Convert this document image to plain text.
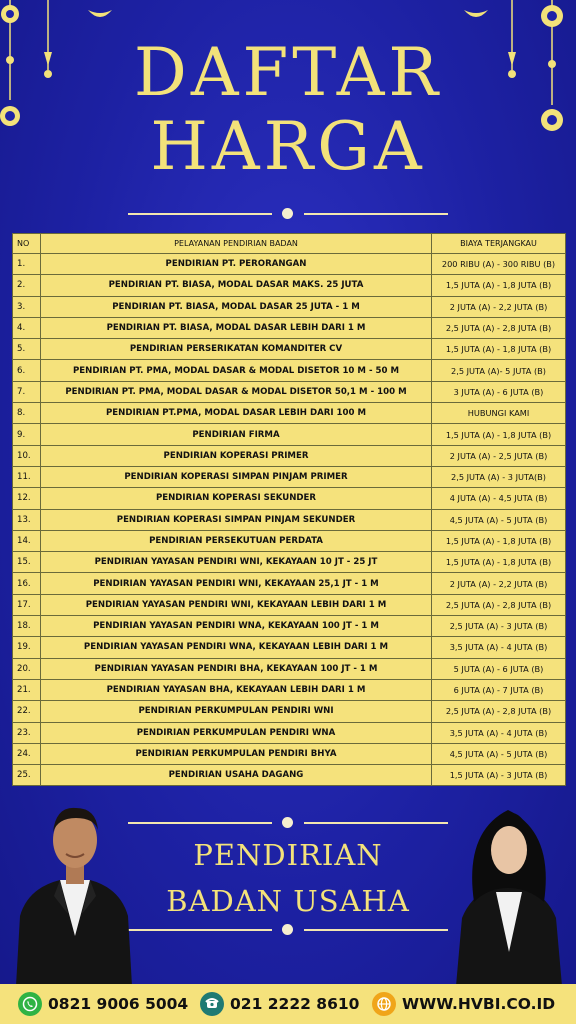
DAFTAR
HARGA
NO	PELAYANAN PENDIRIAN BADAN	BIAYA TERJANGKAU
1.	PENDIRIAN PT. PERORANGAN	200 RIBU (A) - 300 RIBU (B)
2.	PENDIRIAN PT. BIASA, MODAL DASAR MAKS. 25 JUTA	1,5 JUTA (A) - 1,8 JUTA (B)
3.	PENDIRIAN PT. BIASA, MODAL DASAR 25 JUTA - 1 M	2 JUTA (A) - 2,2 JUTA (B)
4.	PENDIRIAN PT. BIASA, MODAL DASAR LEBIH DARI 1 M	2,5 JUTA (A) - 2,8 JUTA (B)
5.	PENDIRIAN PERSERIKATAN KOMANDITER CV	1,5 JUTA (A) - 1,8 JUTA (B)
6.	PENDIRIAN PT. PMA, MODAL DASAR & MODAL DISETOR 10 M - 50 M	2,5 JUTA (A)- 5 JUTA (B)
7.	PENDIRIAN PT. PMA, MODAL DASAR & MODAL DISETOR 50,1 M - 100 M	3 JUTA (A) - 6 JUTA (B)
8.	PENDIRIAN PT.PMA, MODAL DASAR LEBIH DARI 100 M	HUBUNGI KAMI
9.	PENDIRIAN FIRMA	1,5 JUTA (A) - 1,8 JUTA (B)
10.	PENDIRIAN KOPERASI PRIMER	2 JUTA (A) - 2,5 JUTA (B)
11.	PENDIRIAN KOPERASI SIMPAN PINJAM PRIMER	2,5 JUTA (A) - 3 JUTA(B)
12.	PENDIRIAN KOPERASI SEKUNDER	4 JUTA (A) - 4,5 JUTA (B)
13.	PENDIRIAN KOPERASI SIMPAN PINJAM SEKUNDER	4,5 JUTA (A) - 5 JUTA (B)
14.	PENDIRIAN PERSEKUTUAN PERDATA	1,5 JUTA (A) - 1,8 JUTA (B)
15.	PENDIRIAN YAYASAN PENDIRI WNI, KEKAYAAN 10 JT - 25 JT	1,5 JUTA (A) - 1,8 JUTA (B)
16.	PENDIRIAN YAYASAN PENDIRI WNI, KEKAYAAN 25,1 JT - 1 M	2 JUTA (A) - 2,2 JUTA (B)
17.	PENDIRIAN YAYASAN PENDIRI WNI, KEKAYAAN LEBIH DARI 1 M	2,5 JUTA (A) - 2,8 JUTA (B)
18.	PENDIRIAN YAYASAN PENDIRI WNA, KEKAYAAN 100 JT - 1 M	2,5 JUTA (A) - 3 JUTA (B)
19.	PENDIRIAN YAYASAN PENDIRI WNA, KEKAYAAN LEBIH DARI 1 M	3,5 JUTA (A) - 4 JUTA (B)
20.	PENDIRIAN YAYASAN PENDIRI BHA, KEKAYAAN 100 JT - 1 M	5 JUTA (A) - 6 JUTA (B)
21.	PENDIRIAN YAYASAN BHA, KEKAYAAN LEBIH DARI 1 M	6 JUTA (A) - 7 JUTA (B)
22.	PENDIRIAN PERKUMPULAN PENDIRI WNI	2,5 JUTA (A) - 2,8 JUTA (B)
23.	PENDIRIAN PERKUMPULAN PENDIRI WNA	3,5 JUTA (A) - 4 JUTA (B)
24.	PENDIRIAN PERKUMPULAN PENDIRI BHYA	4,5 JUTA (A) - 5 JUTA (B)
25.	PENDIRIAN USAHA DAGANG	1,5 JUTA (A) - 3 JUTA (B)
PENDIRIAN
BADAN USAHA
0821 9006 5004	021 2222 8610	WWW.HVBI.CO.ID
